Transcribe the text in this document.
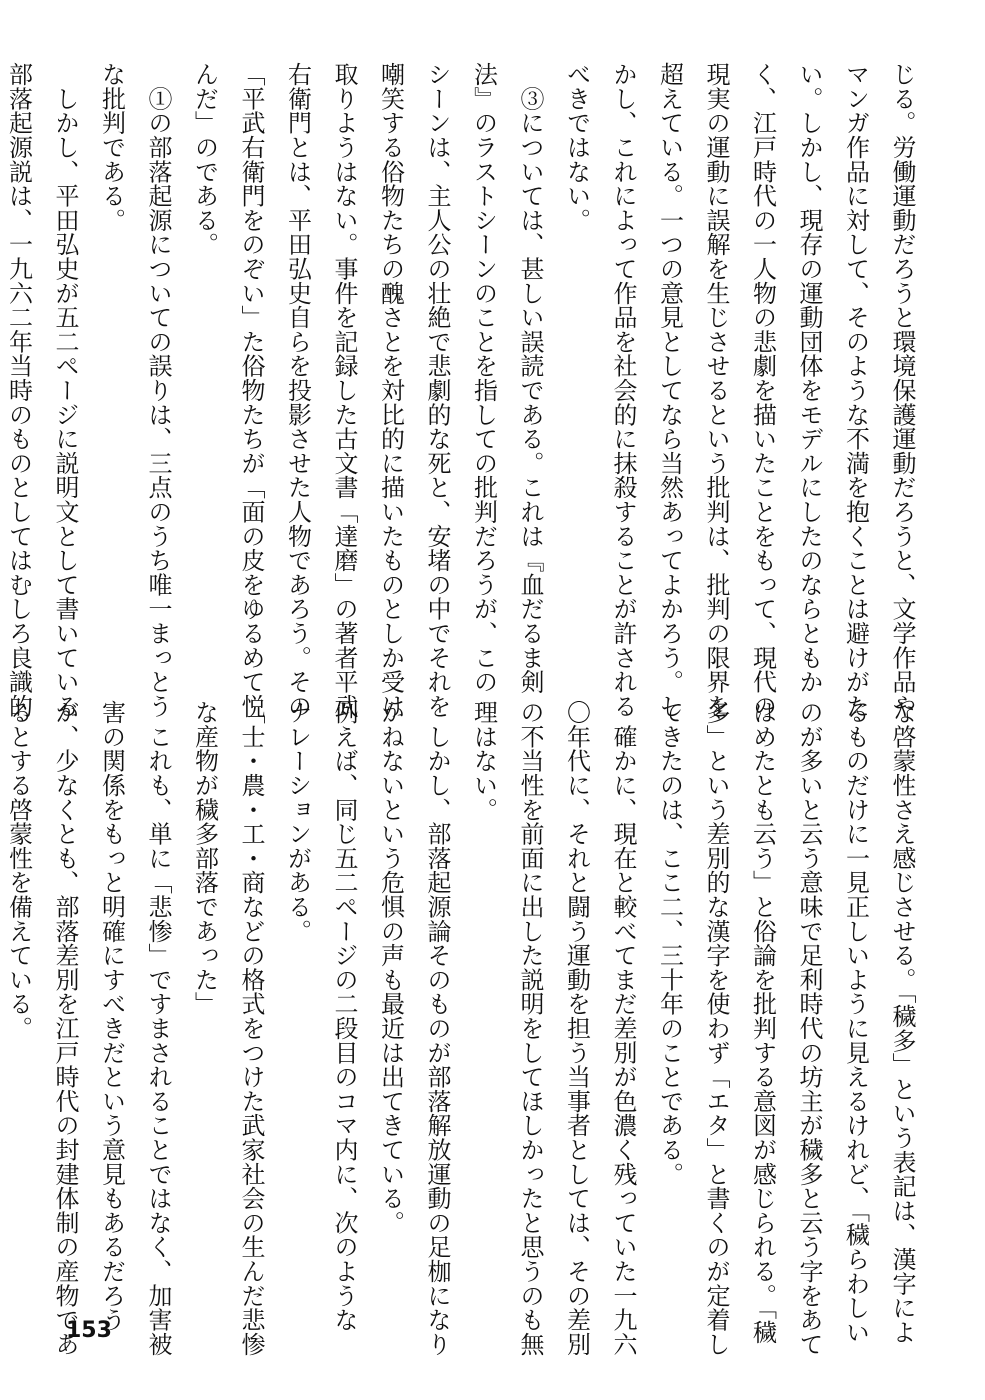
じる。労働運動だろうと環境保護運動だろうと、文学作品や
マンガ作品に対して、そのような不満を抱くことは避けがた
い。しかし、現存の運動団体をモデルにしたのならともか
く、江戸時代の一人物の悲劇を描いたことをもって、現代の
現実の運動に誤解を生じさせるという批判は、批判の限界を
超えている。一つの意見としてなら当然あってよかろう。し
かし、これによって作品を社会的に抹殺することが許される
べきではない。
　③については、甚しい誤読である。これは『血だるま剣
法』のラストシーンのことを指しての批判だろうが、この
シーンは、主人公の壮絶で悲劇的な死と、安堵の中でそれを
嘲笑する俗物たちの醜さとを対比的に描いたものとしか受け
取りようはない。事件を記録した古文書「達磨」の著者平武
右衛門とは、平田弘史自らを投影させた人物であろう。その
「平武右衛門をのぞい」た俗物たちが「面の皮をゆるめて悦
んだ」のである。
　①の部落起源についての誤りは、三点のうち唯一まっとう
な批判である。
　しかし、平田弘史が五二ページに説明文として書いている
部落起源説は、一九六二年当時のものとしてはむしろ良識的
な啓蒙性さえ感じさせる。「穢多」という表記は、漢字によ
るものだけに一見正しいように見えるけれど、「穢らわしい
のが多いと云う意味で足利時代の坊主が穢多と云う字をあて
はめたとも云う」と俗論を批判する意図が感じられる。「穢
多」という差別的な漢字を使わず「エタ」と書くのが定着し
てきたのは、ここ二、三十年のことである。
　確かに、現在と較べてまだ差別が色濃く残っていた一九六
〇年代に、それと闘う運動を担う当事者としては、その差別
の不当性を前面に出した説明をしてほしかったと思うのも無
理はない。
　しかし、部落起源論そのものが部落解放運動の足枷になり
かねないという危惧の声も最近は出てきている。
例えば、同じ五二ページの二段目のコマ内に、次のような
ナレーションがある。
「士・農・工・商などの格式をつけた武家社会の生んだ悲惨
な産物が穢多部落であった」
　これも、単に「悲惨」ですまされることではなく、加害被
害の関係をもっと明確にすべきだという意見もあるだろう
が、少なくとも、部落差別を江戸時代の封建体制の産物であ
るとする啓蒙性を備えている。
153
